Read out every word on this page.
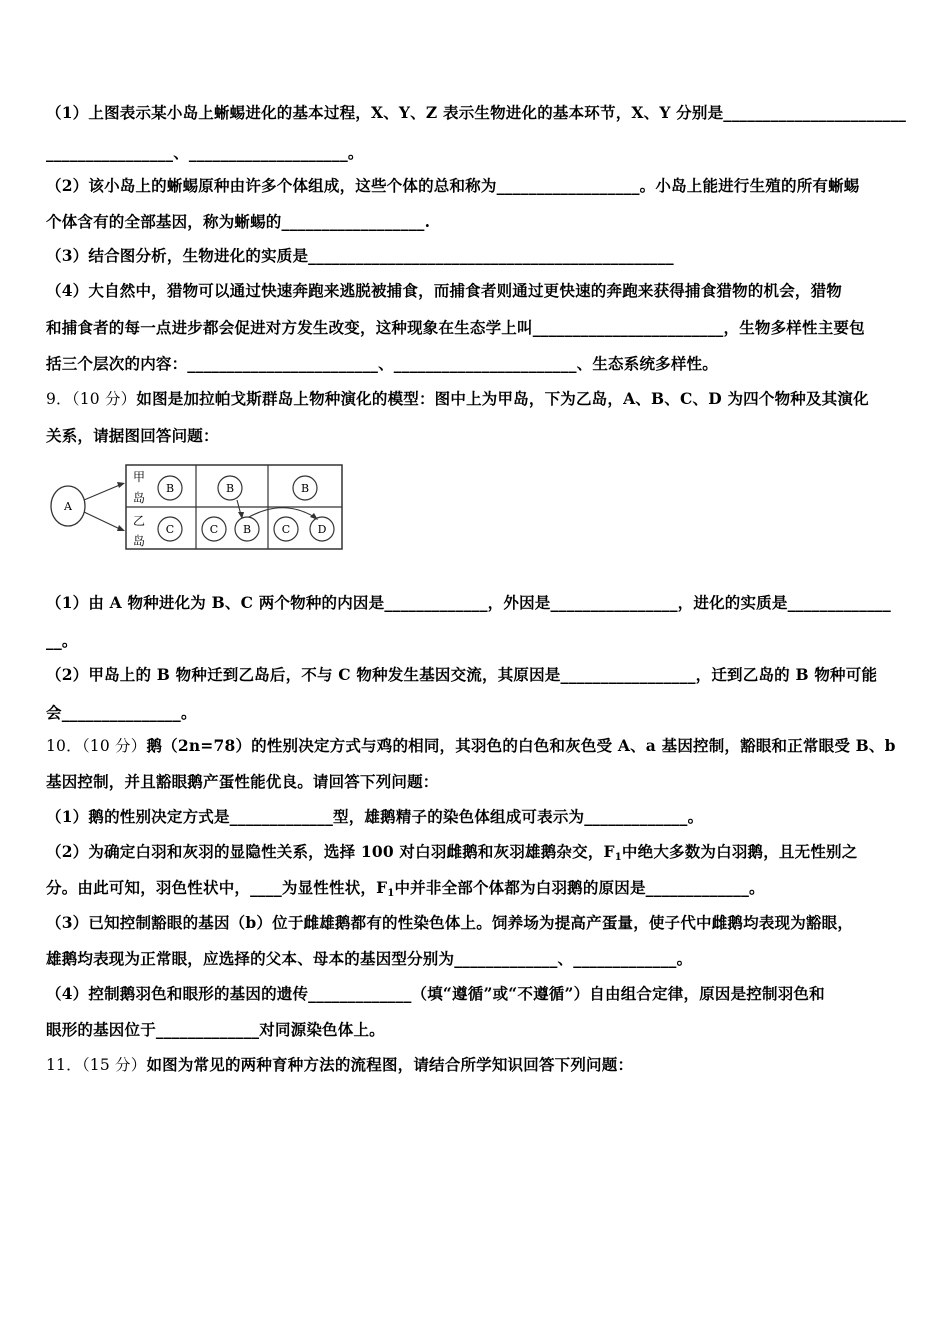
（1）上图表示某小岛上蜥蜴进化的基本过程，X、Y、Z 表示生物进化的基本环节，X、Y 分别是_______________________
________________、____________________。
（2）该小岛上的蜥蜴原种由许多个体组成，这些个体的总和称为__________________。小岛上能进行生殖的所有蜥蜴
个体含有的全部基因，称为蜥蜴的__________________.
（3）结合图分析，生物进化的实质是______________________________________________
（4）大自然中，猎物可以通过快速奔跑来逃脱被捕食，而捕食者则通过更快速的奔跑来获得捕食猎物的机会，猎物
和捕食者的每一点进步都会促进对方发生改变，这种现象在生态学上叫________________________，生物多样性主要包
括三个层次的内容：________________________、_______________________、生态系统多样性。
9．（10 分）如图是加拉帕戈斯群岛上物种演化的模型：图中上为甲岛，下为乙岛，A、B、C、D 为四个物种及其演化
关系，请据图回答问题：
甲
岛
乙
岛
A
B	B	B
C	C B	C D
（1）由 A 物种进化为 B、C 两个物种的内因是_____________，外因是________________，进化的实质是_____________
__。
（2）甲岛上的 B 物种迁到乙岛后，不与 C 物种发生基因交流，其原因是_________________，迁到乙岛的 B 物种可能
会_______________。
10．（10 分）鹅（2n=78）的性别决定方式与鸡的相同，其羽色的白色和灰色受 A、a 基因控制，豁眼和正常眼受 B、b
基因控制，并且豁眼鹅产蛋性能优良。请回答下列问题：
（1）鹅的性别决定方式是_____________型，雄鹅精子的染色体组成可表示为_____________。
（2）为确定白羽和灰羽的显隐性关系，选择 100 对白羽雌鹅和灰羽雄鹅杂交，$F_1$中绝大多数为白羽鹅，且无性别之
分。由此可知，羽色性状中，____为显性性状，$F_1$中并非全部个体都为白羽鹅的原因是_____________。
（3）已知控制豁眼的基因（b）位于雌雄鹅都有的性染色体上。饲养场为提高产蛋量，使子代中雌鹅均表现为豁眼，
雄鹅均表现为正常眼，应选择的父本、母本的基因型分别为_____________、_____________。
（4）控制鹅羽色和眼形的基因的遗传_____________（填“遵循”或“不遵循”）自由组合定律，原因是控制羽色和
眼形的基因位于_____________对同源染色体上。
11．（15 分）如图为常见的两种育种方法的流程图，请结合所学知识回答下列问题：
